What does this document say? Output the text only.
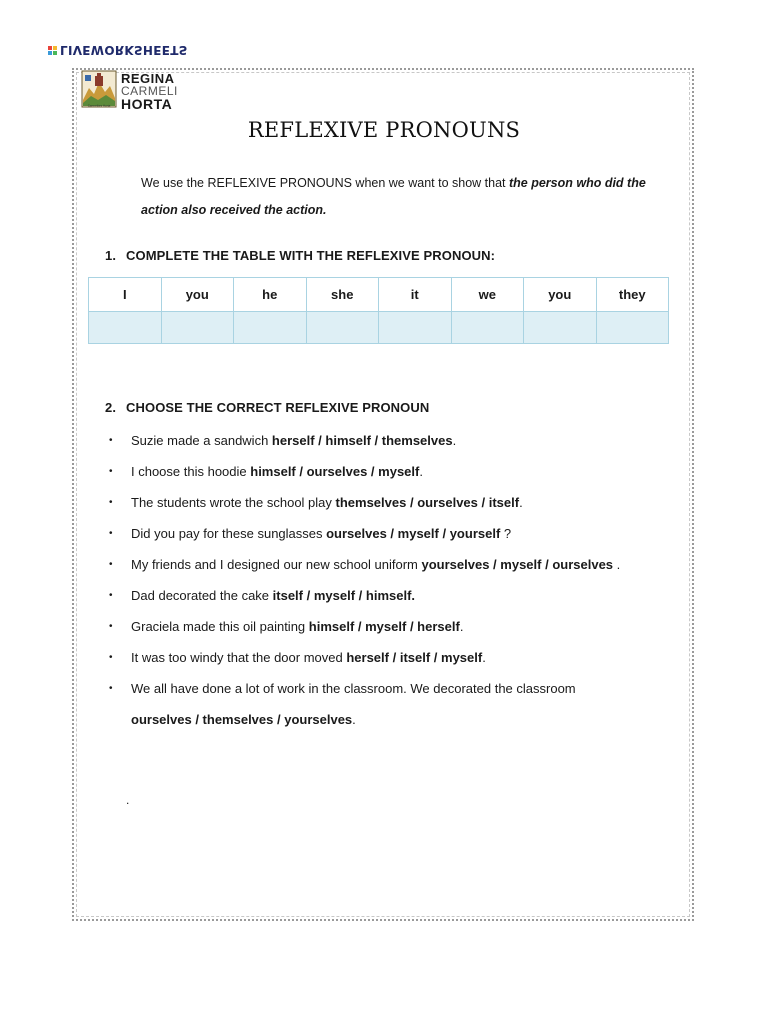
LIVEWORKSHEETS
Carmelites Horta
REGINA
CARMELI
HORTA
REFLEXIVE PRONOUNS
We use the REFLEXIVE PRONOUNS when we want to show that the person who did the action also received the action.
1. COMPLETE THE TABLE WITH THE REFLEXIVE PRONOUN:
I	you	he	she	it	we	you	they

2. CHOOSE THE CORRECT REFLEXIVE PRONOUN
• Suzie made a sandwich herself / himself / themselves.
• I choose this hoodie himself / ourselves / myself.
• The students wrote the school play themselves / ourselves / itself.
• Did you pay for these sunglasses ourselves / myself / yourself ?
• My friends and I designed our new school uniform yourselves / myself / ourselves .
• Dad decorated the cake itself / myself / himself.
• Graciela made this oil painting himself / myself / herself.
• It was too windy that the door moved herself / itself / myself.
• We all have done a lot of work in the classroom. We decorated the classroom
ourselves / themselves / yourselves.
.
